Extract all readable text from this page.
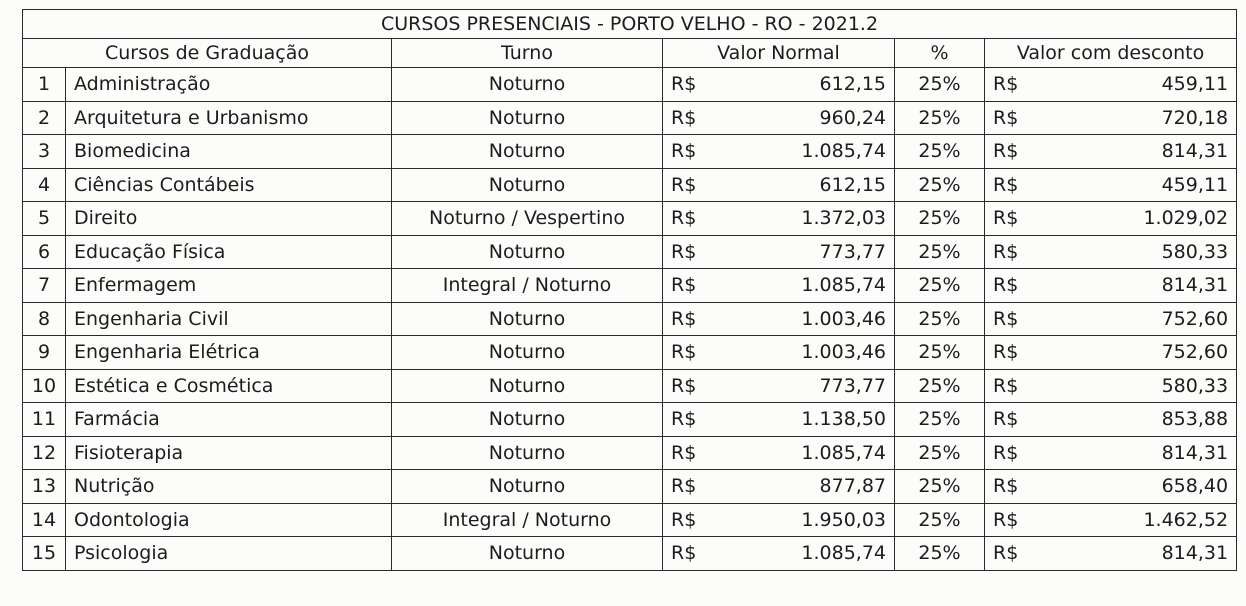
CURSOS PRESENCIAIS - PORTO VELHO - RO - 2021.2					
Cursos de Graduação		Turno	Valor Normal	%	Valor com desconto
1	Administração	Noturno	R$ 612,15	25%	R$ 459,11

2	Arquitetura e Urbanismo	Noturno	R$ 960,24	25%	R$ 720,18

3	Biomedicina	Noturno	R$ 1.085,74	25%	R$ 814,31

4	Ciências Contábeis	Noturno	R$ 612,15	25%	R$ 459,11

5	Direito	Noturno / Vespertino	R$ 1.372,03	25%	R$ 1.029,02

6	Educação Física	Noturno	R$ 773,77	25%	R$ 580,33

7	Enfermagem	Integral / Noturno	R$ 1.085,74	25%	R$ 814,31

8	Engenharia Civil	Noturno	R$ 1.003,46	25%	R$ 752,60

9	Engenharia Elétrica	Noturno	R$ 1.003,46	25%	R$ 752,60

10	Estética e Cosmética	Noturno	R$ 773,77	25%	R$ 580,33

11	Farmácia	Noturno	R$ 1.138,50	25%	R$ 853,88

12	Fisioterapia	Noturno	R$ 1.085,74	25%	R$ 814,31

13	Nutrição	Noturno	R$ 877,87	25%	R$ 658,40

14	Odontologia	Integral / Noturno	R$ 1.950,03	25%	R$ 1.462,52

15	Psicologia	Noturno	R$ 1.085,74	25%	R$ 814,31
